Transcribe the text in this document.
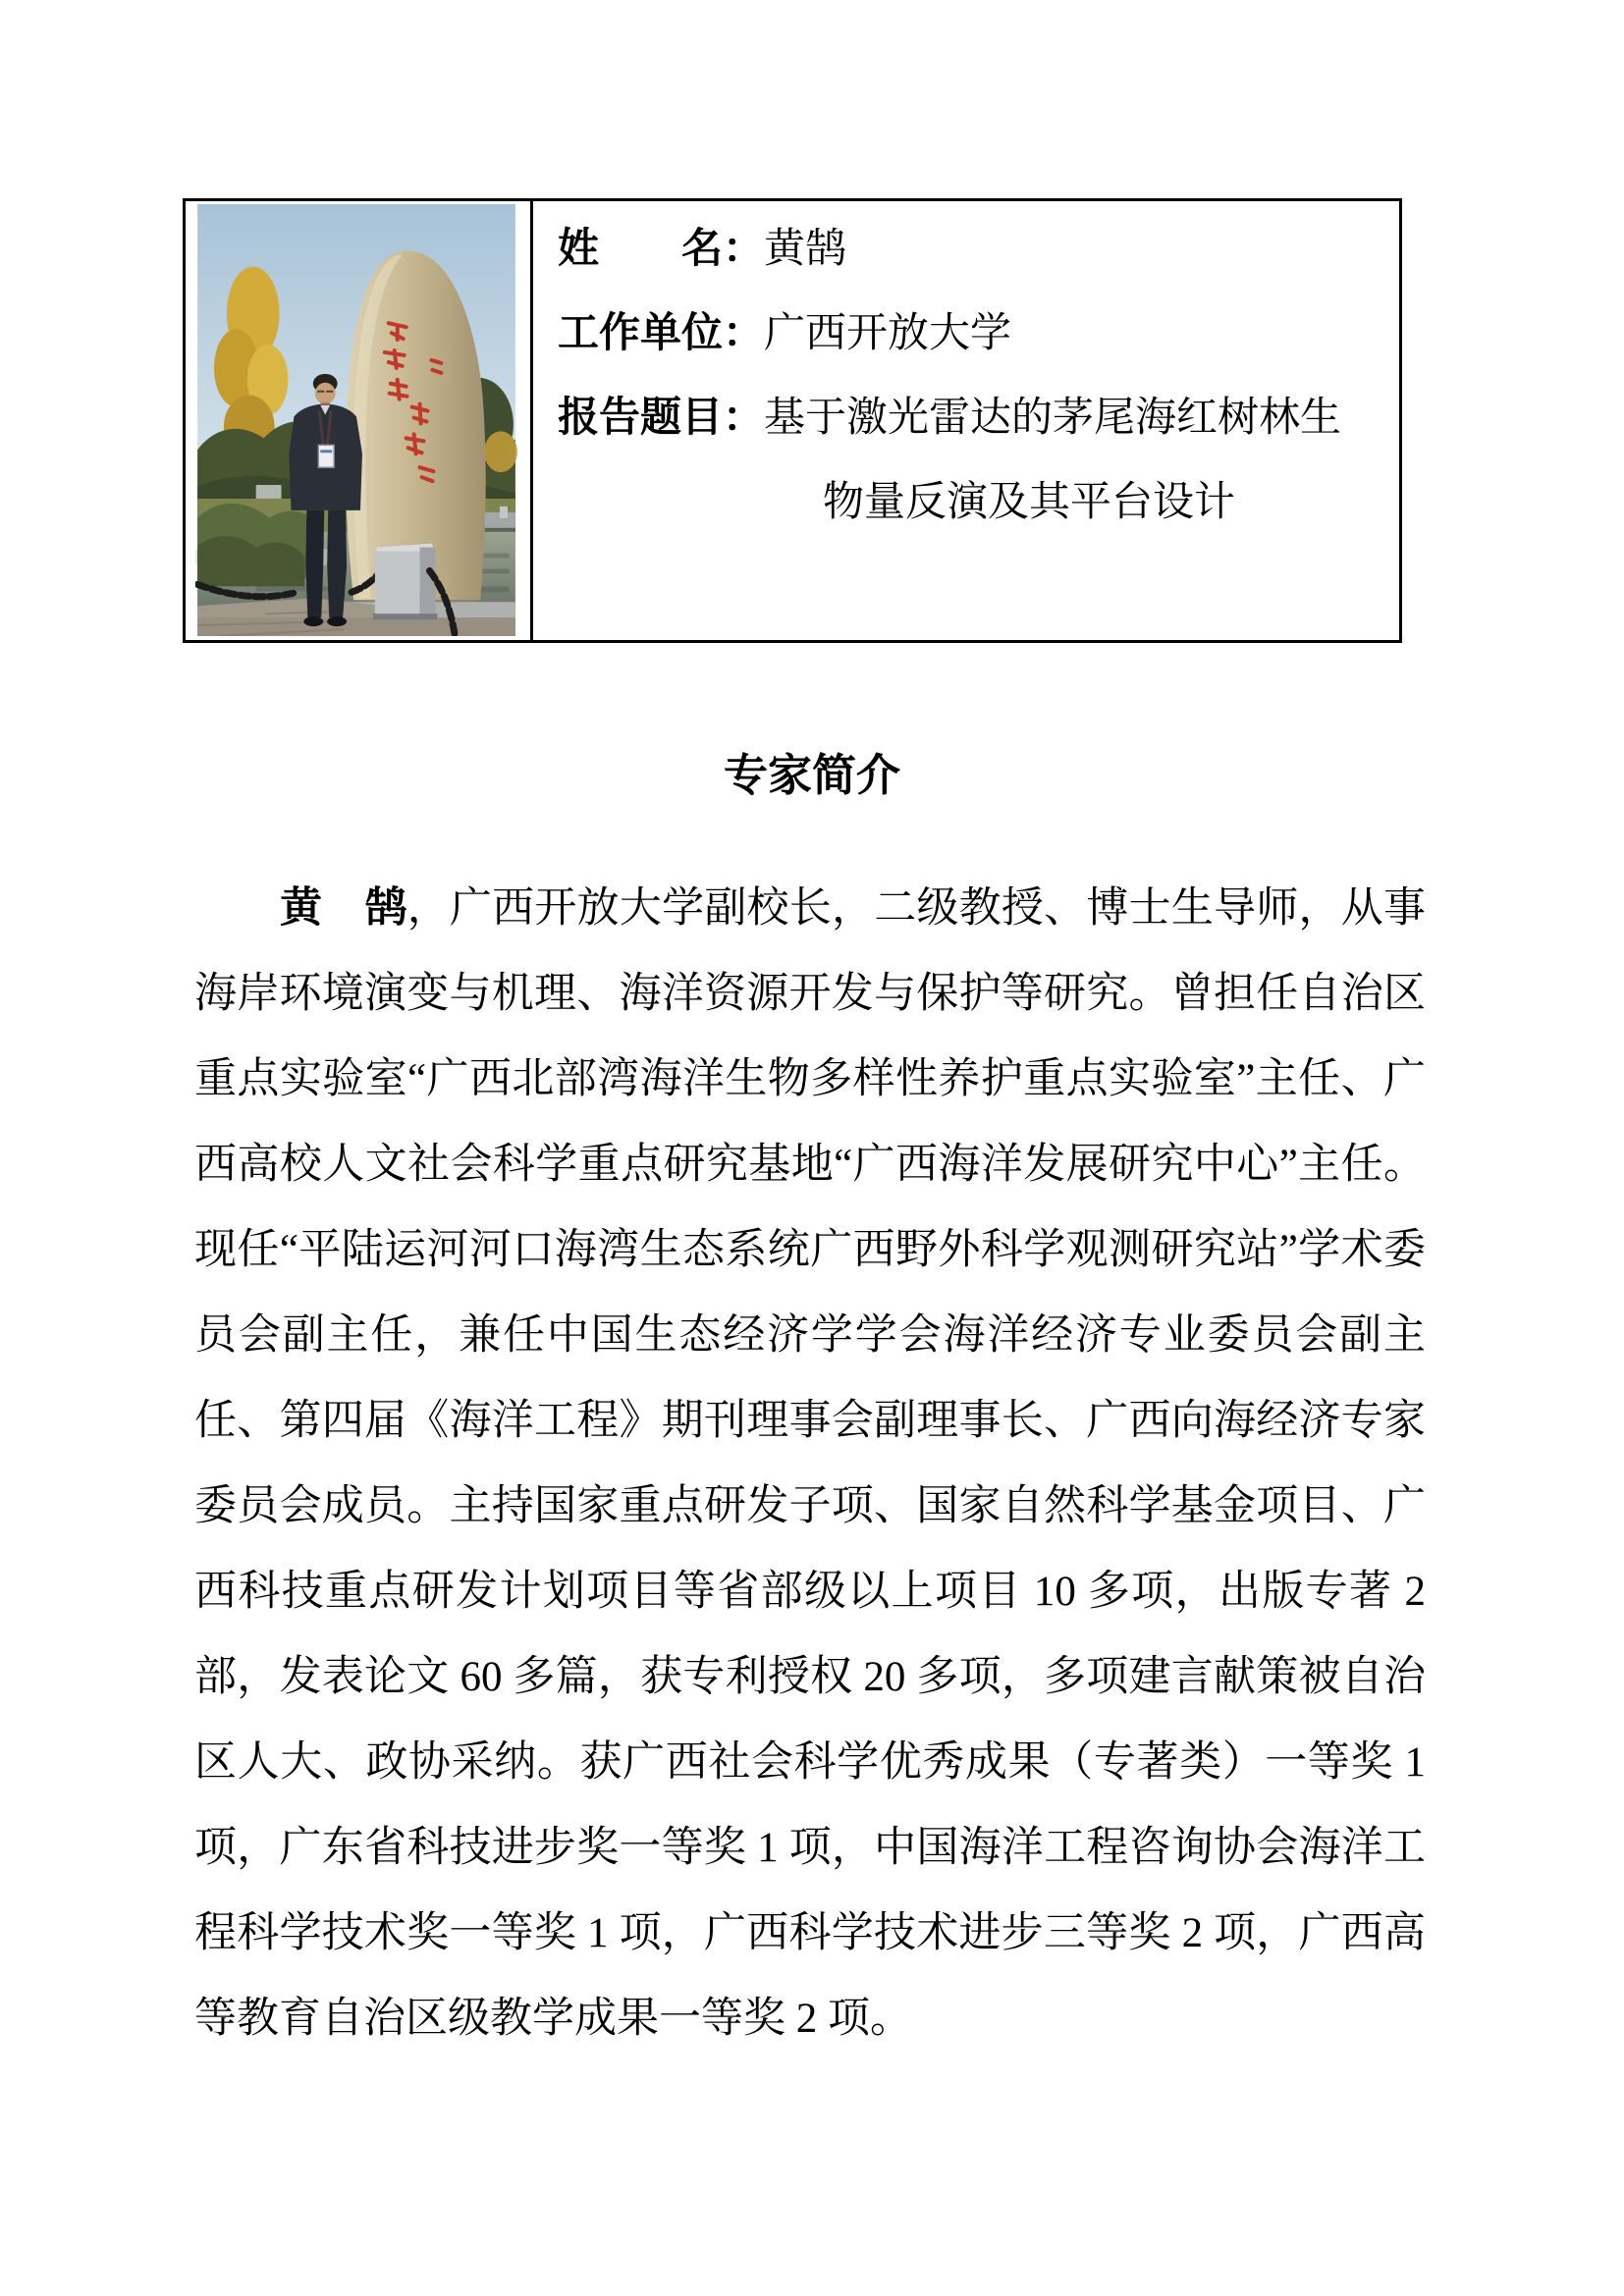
姓　　名： 黄鹄
工作单位： 广西开放大学
报告题目： 基于激光雷达的茅尾海红树林生
物量反演及其平台设计
专家简介

黄　鹄，广西开放大学副校长，二级教授、博士生导师，从事海岸环境演变与机理、海洋资源开发与保护等研究。曾担任自治区重点实验室“广西北部湾海洋生物多样性养护重点实验室”主任、广西高校人文社会科学重点研究基地“广西海洋发展研究中心”主任。现任“平陆运河河口海湾生态系统广西野外科学观测研究站”学术委员会副主任，兼任中国生态经济学学会海洋经济专业委员会副主任、第四届《海洋工程》期刊理事会副理事长、广西向海经济专家委员会成员。主持国家重点研发子项、国家自然科学基金项目、广西科技重点研发计划项目等省部级以上项目 10 多项，出版专著 2 部，发表论文 60 多篇，获专利授权 20 多项，多项建言献策被自治区人大、政协采纳。获广西社会科学优秀成果（专著类）一等奖 1 项，广东省科技进步奖一等奖 1 项，中国海洋工程咨询协会海洋工程科学技术奖一等奖 1 项，广西科学技术进步三等奖 2 项，广西高等教育自治区级教学成果一等奖 2 项。
